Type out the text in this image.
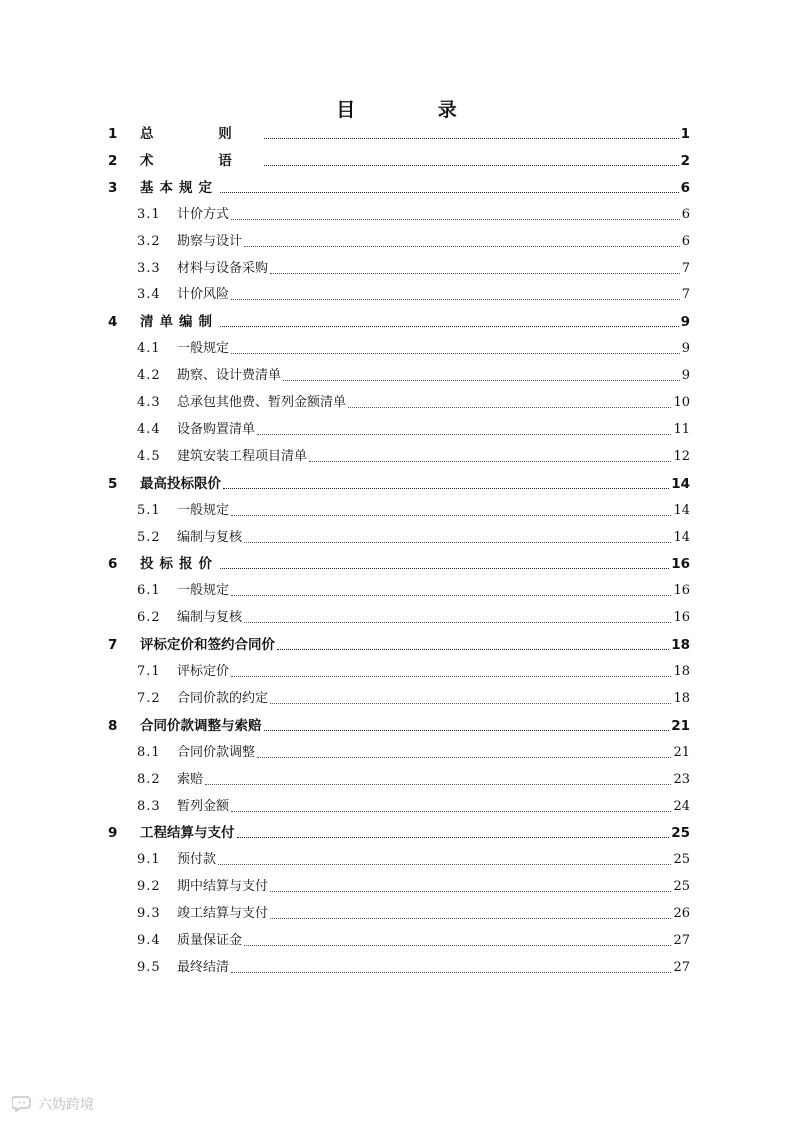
目 录
1	总 则	1
2	术 语	2
3	基本规定	6
3.1	计价方式	6
3.2	勘察与设计	6
3.3	材料与设备采购	7
3.4	计价风险	7
4	清单编制	9
4.1	一般规定	9
4.2	勘察、设计费清单	9
4.3	总承包其他费、暂列金额清单	10
4.4	设备购置清单	11
4.5	建筑安装工程项目清单	12
5	最高投标限价	14
5.1	一般规定	14
5.2	编制与复核	14
6	投标报价	16
6.1	一般规定	16
6.2	编制与复核	16
7	评标定价和签约合同价	18
7.1	评标定价	18
7.2	合同价款的约定	18
8	合同价款调整与索赔	21
8.1	合同价款调整	21
8.2	索赔	23
8.3	暂列金额	24
9	工程结算与支付	25
9.1	预付款	25
9.2	期中结算与支付	25
9.3	竣工结算与支付	26
9.4	质量保证金	27
9.5	最终结清	27
六妫跨境
